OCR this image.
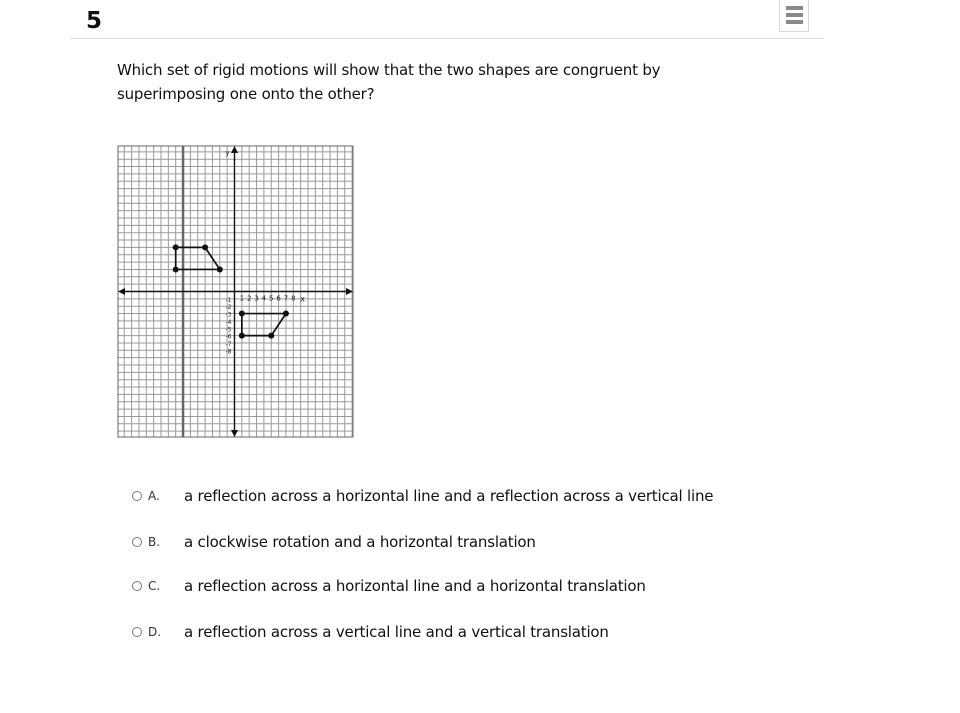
5
Which set of rigid motions will show that the two shapes are congruent by superimposing one onto the other?
1 2 3 4 5 6 7 8 x
y
-1
-2
-3
-4
-5
-6
-7
-8
A.	a reflection across a horizontal line and a reflection across a vertical line
B.	a clockwise rotation and a horizontal translation
C.	a reflection across a horizontal line and a horizontal translation
D.	a reflection across a vertical line and a vertical translation
